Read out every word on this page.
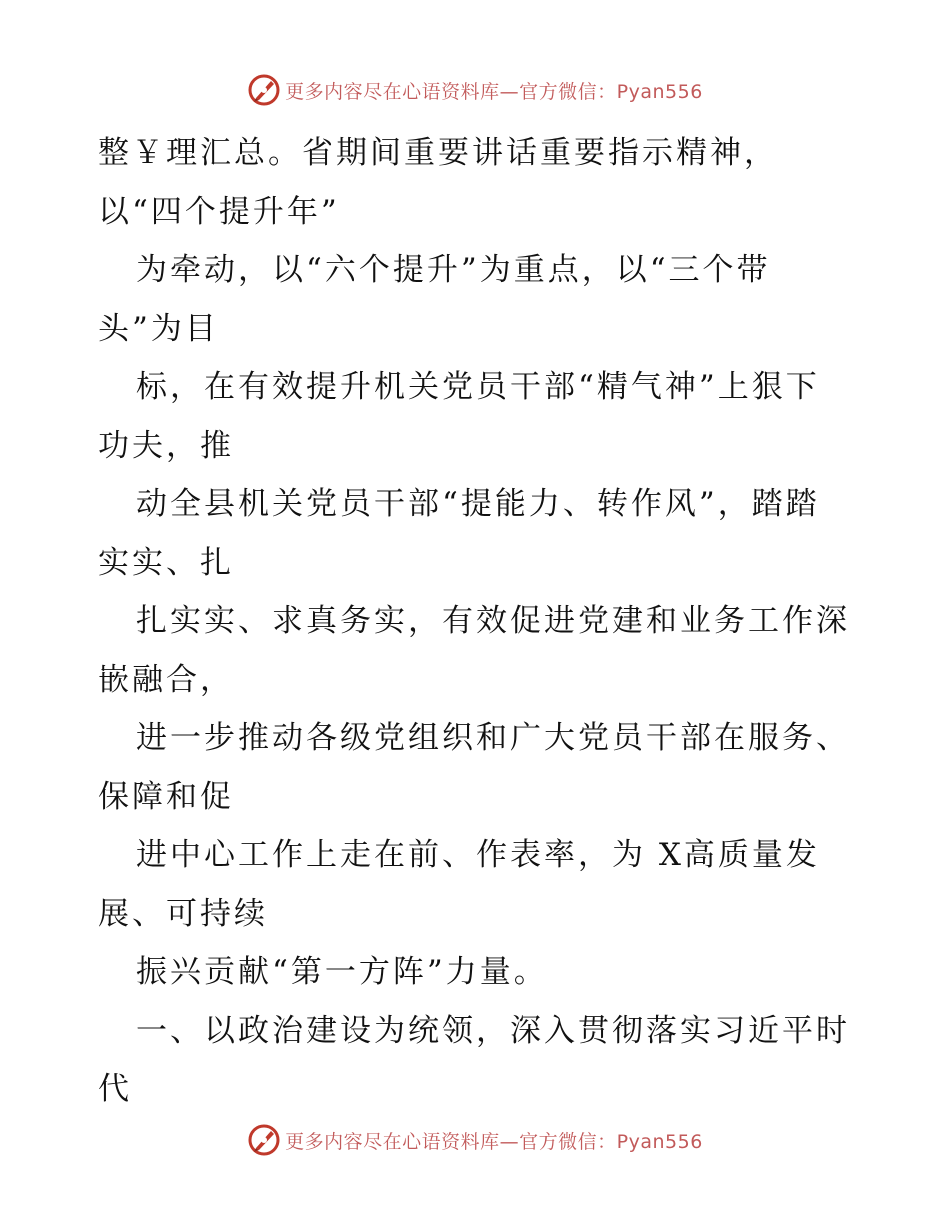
更多内容尽在心语资料库—官方微信：Pyan556
整￥理汇总。省期间重要讲话重要指示精神，
以“四个提升年”
为牵动，以“六个提升”为重点，以“三个带
头”为目
标，在有效提升机关党员干部“精气神”上狠下
功夫，推
动全县机关党员干部“提能力、转作风”，踏踏
实实、扎
扎实实、求真务实，有效促进党建和业务工作深
嵌融合，
进一步推动各级党组织和广大党员干部在服务、
保障和促
进中心工作上走在前、作表率，为 X高质量发
展、可持续
振兴贡献“第一方阵”力量。
一、以政治建设为统领，深入贯彻落实习近平时
代
更多内容尽在心语资料库—官方微信：Pyan556
